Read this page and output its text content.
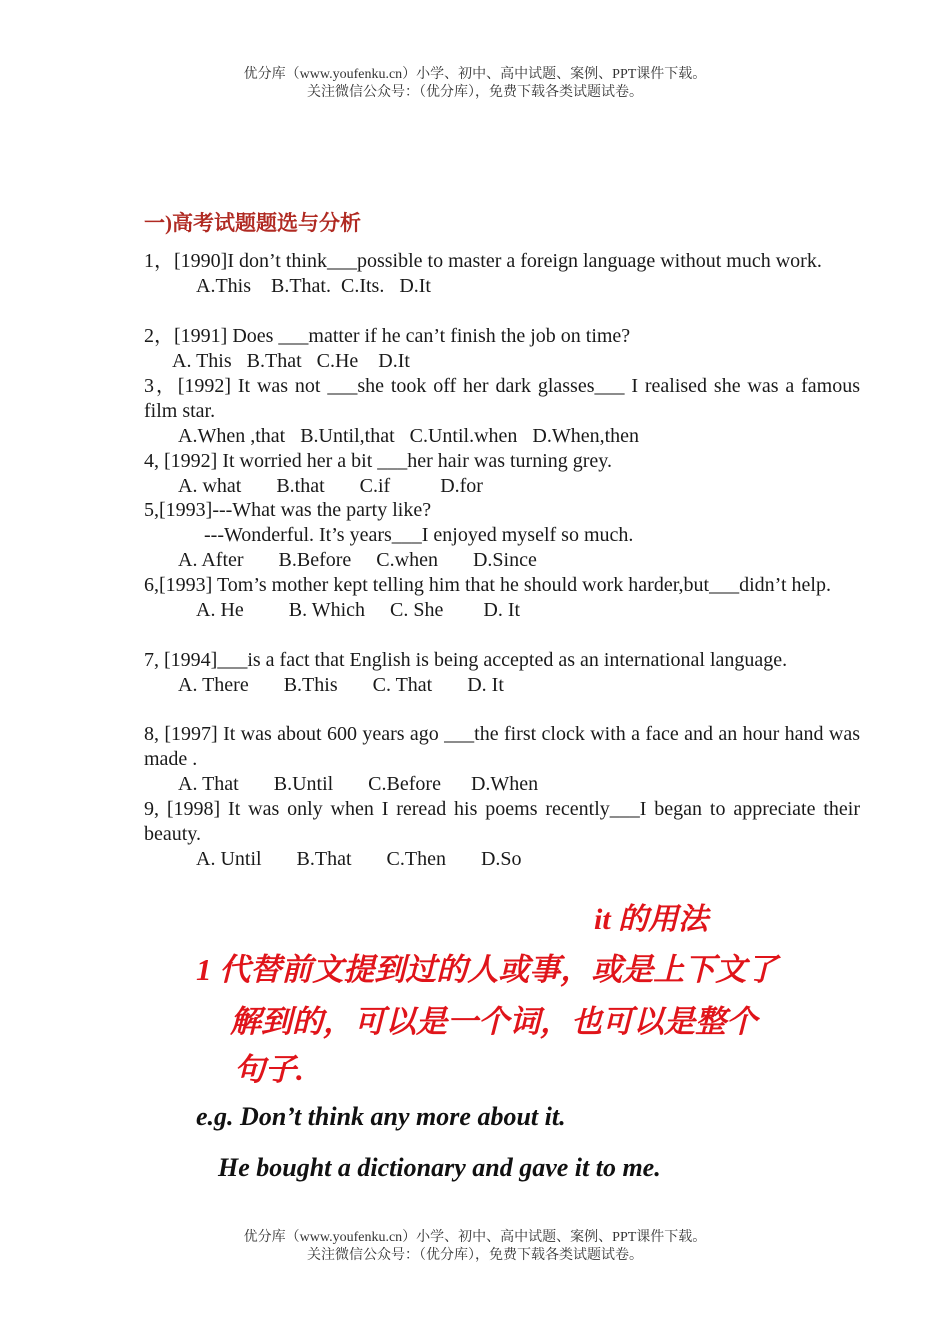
优分库（www.youfenku.cn）小学、初中、高中试题、案例、PPT课件下载。
关注微信公众号：（优分库），免费下载各类试题试卷。
一)高考试题题选与分析
1，[1990]I don’t think___possible to master a foreign language without much work.
A.This    B.That.  C.Its.   D.It
2，[1991] Does ___matter if he can’t finish the job on time?
A. This   B.That   C.He    D.It
3，[1992] It was not ___she took off her dark glasses___ I realised she was a famous film star.
A.When ,that   B.Until,that   C.Until.when   D.When,then
4, [1992] It worried her a bit ___her hair was turning grey.
A. what       B.that       C.if          D.for
5,[1993]---What was the party like?
---Wonderful. It’s years___I enjoyed myself so much.
A. After       B.Before     C.when       D.Since
6,[1993] Tom’s mother kept telling him that he should work harder,but___didn’t help.
A. He         B. Which     C. She        D. It
7, [1994]___is a fact that English is being accepted as an international language.
A. There       B.This       C. That       D. It
8, [1997] It was about 600 years ago ___the first clock with a face and an hour hand was made .
A. That       B.Until       C.Before      D.When
9, [1998] It was only when I reread his poems recently___I began to appreciate their beauty.
A. Until       B.That       C.Then       D.So
it 的用法
1 代替前文提到过的人或事，或是上下文了
解到的，可以是一个词，也可以是整个
句子.
e.g. Don’t think any more about it.
He bought a dictionary and gave it to me.
优分库（www.youfenku.cn）小学、初中、高中试题、案例、PPT课件下载。
关注微信公众号：（优分库），免费下载各类试题试卷。
